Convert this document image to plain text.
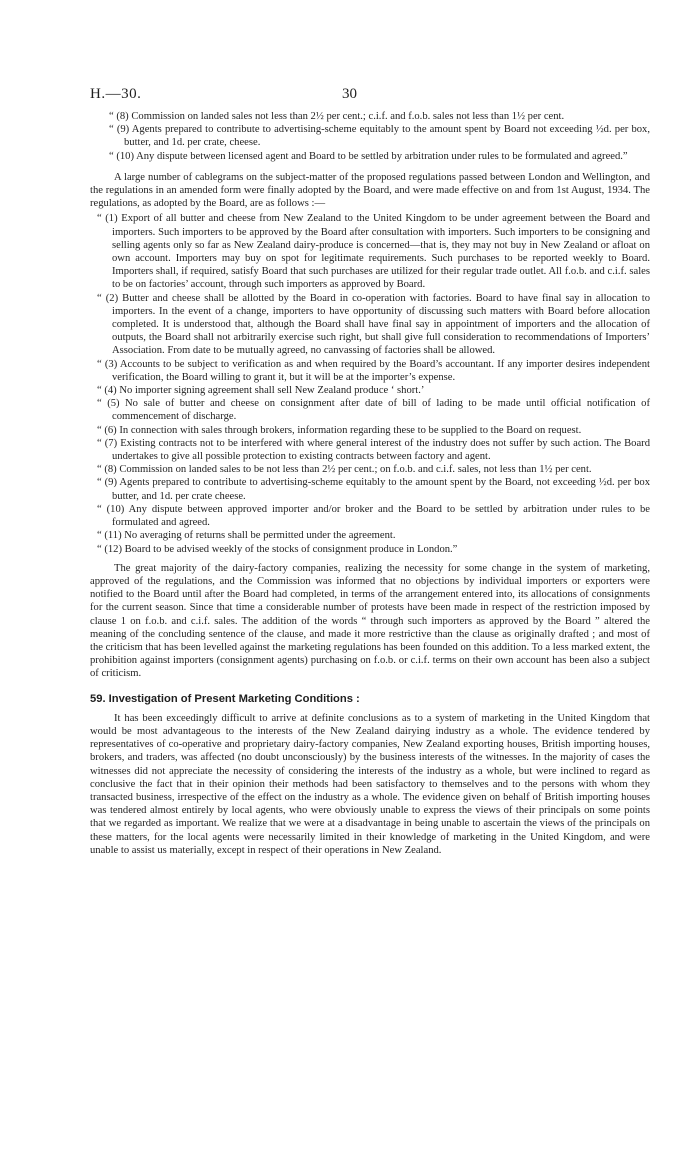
H.—30.	30

“ (8) Commission on landed sales not less than 2½ per cent.; c.i.f. and f.o.b. sales not less than 1½ per cent.

“ (9) Agents prepared to contribute to advertising-scheme equitably to the amount spent by Board not exceeding ½d. per box, butter, and 1d. per crate, cheese.

“ (10) Any dispute between licensed agent and Board to be settled by arbitration under rules to be formulated and agreed.”

A large number of cablegrams on the subject-matter of the proposed regulations passed between London and Wellington, and the regulations in an amended form were finally adopted by the Board, and were made effective on and from 1st August, 1934. The regulations, as adopted by the Board, are as follows :—

“ (1) Export of all butter and cheese from New Zealand to the United Kingdom to be under agreement between the Board and importers. Such importers to be approved by the Board after consultation with importers. Such importers to be consigning and selling agents only so far as New Zealand dairy-produce is concerned—that is, they may not buy in New Zealand or afloat on own account. Importers may buy on spot for legitimate requirements. Such purchases to be reported weekly to Board. Importers shall, if required, satisfy Board that such purchases are utilized for their regular trade outlet. All f.o.b. and c.i.f. sales to be on factories’ account, through such importers as approved by Board.

“ (2) Butter and cheese shall be allotted by the Board in co-operation with factories. Board to have final say in allocation to importers. In the event of a change, importers to have opportunity of discussing such matters with Board before allocation completed. It is understood that, although the Board shall have final say in appointment of importers and the allocation of outputs, the Board shall not arbitrarily exercise such right, but shall give full consideration to recommendations of Importers’ Association. From date to be mutually agreed, no canvassing of factories shall be allowed.

“ (3) Accounts to be subject to verification as and when required by the Board’s accountant. If any importer desires independent verification, the Board willing to grant it, but it will be at the importer’s expense.

“ (4) No importer signing agreement shall sell New Zealand produce ‘ short.’

“ (5) No sale of butter and cheese on consignment after date of bill of lading to be made until official notification of commencement of discharge.

“ (6) In connection with sales through brokers, information regarding these to be supplied to the Board on request.

“ (7) Existing contracts not to be interfered with where general interest of the industry does not suffer by such action. The Board undertakes to give all possible protection to existing contracts between factory and agent.

“ (8) Commission on landed sales to be not less than 2½ per cent.; on f.o.b. and c.i.f. sales, not less than 1½ per cent.

“ (9) Agents prepared to contribute to advertising-scheme equitably to the amount spent by the Board, not exceeding ½d. per box butter, and 1d. per crate cheese.

“ (10) Any dispute between approved importer and/or broker and the Board to be settled by arbitration under rules to be formulated and agreed.

“ (11) No averaging of returns shall be permitted under the agreement.

“ (12) Board to be advised weekly of the stocks of consignment produce in London.”

The great majority of the dairy-factory companies, realizing the necessity for some change in the system of marketing, approved of the regulations, and the Commission was informed that no objections by individual importers or exporters were notified to the Board until after the Board had completed, in terms of the arrangement entered into, its allocations of consignments for the current season. Since that time a considerable number of protests have been made in respect of the restriction imposed by clause 1 on f.o.b. and c.i.f. sales. The addition of the words “ through such importers as approved by the Board ” altered the meaning of the concluding sentence of the clause, and made it more restrictive than the clause as originally drafted ; and most of the criticism that has been levelled against the marketing regulations has been founded on this addition. To a less marked extent, the prohibition against importers (consignment agents) purchasing on f.o.b. or c.i.f. terms on their own account has been also a subject of criticism.

59. Investigation of Present Marketing Conditions :

It has been exceedingly difficult to arrive at definite conclusions as to a system of marketing in the United Kingdom that would be most advantageous to the interests of the New Zealand dairying industry as a whole. The evidence tendered by representatives of co-operative and proprietary dairy-factory companies, New Zealand exporting houses, British importing houses, brokers, and traders, was affected (no doubt unconsciously) by the business interests of the witnesses. In the majority of cases the witnesses did not appreciate the necessity of considering the interests of the industry as a whole, but were inclined to regard as conclusive the fact that in their opinion their methods had been satisfactory to themselves and to the persons with whom they transacted business, irrespective of the effect on the industry as a whole. The evidence given on behalf of British importing houses was tendered almost entirely by local agents, who were obviously unable to express the views of their principals on some points that we regarded as important. We realize that we were at a disadvantage in being unable to ascertain the views of the principals on these matters, for the local agents were necessarily limited in their knowledge of marketing in the United Kingdom, and were unable to assist us materially, except in respect of their operations in New Zealand.
